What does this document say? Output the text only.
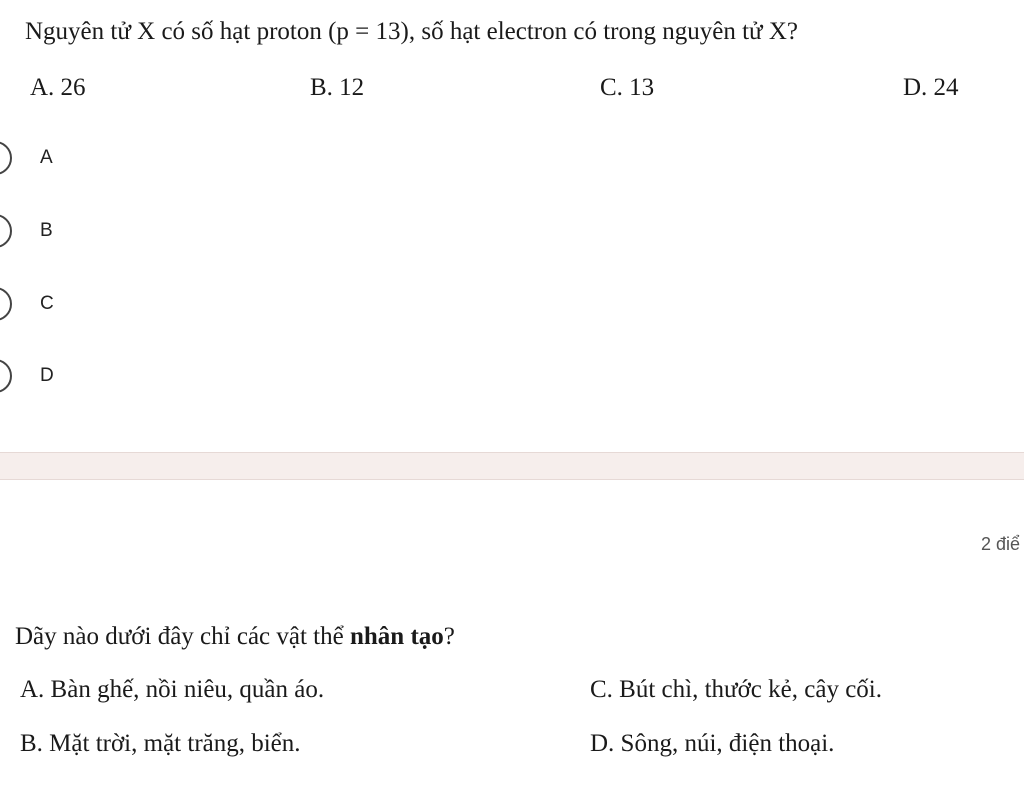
Nguyên tử X có số hạt proton (p = 13), số hạt electron có trong nguyên tử X?
A. 26	B. 12	C. 13	D. 24
A
B
C
D
2 điể
Dãy nào dưới đây chỉ các vật thể nhân tạo?
A. Bàn ghế, nồi niêu, quần áo.	C. Bút chì, thước kẻ, cây cối.
B. Mặt trời, mặt trăng, biển.	D. Sông, núi, điện thoại.
